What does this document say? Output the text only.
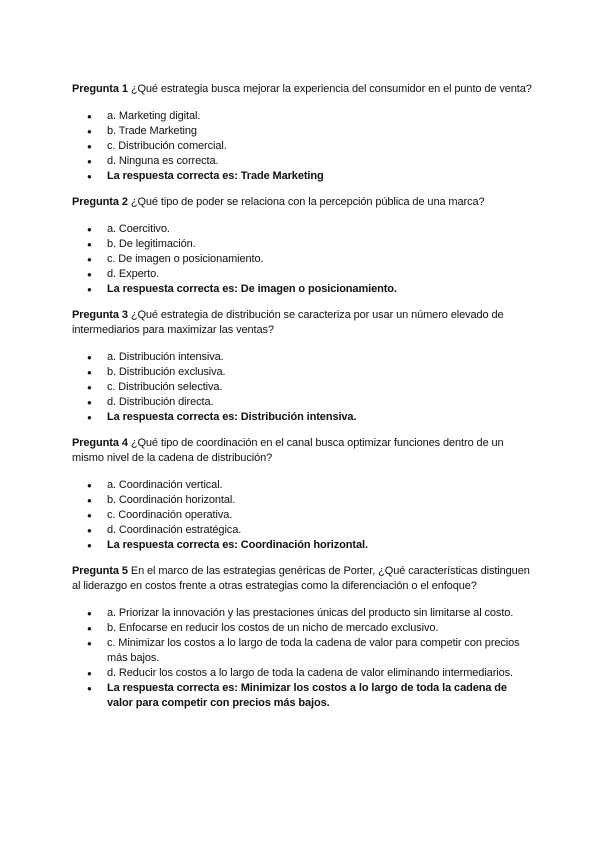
Pregunta 1 ¿Qué estrategia busca mejorar la experiencia del consumidor en el punto de venta?

● a. Marketing digital.
● b. Trade Marketing
● c. Distribución comercial.
● d. Ninguna es correcta.
● La respuesta correcta es: Trade Marketing

Pregunta 2 ¿Qué tipo de poder se relaciona con la percepción pública de una marca?

● a. Coercitivo.
● b. De legitimación.
● c. De imagen o posicionamiento.
● d. Experto.
● La respuesta correcta es: De imagen o posicionamiento.

Pregunta 3 ¿Qué estrategia de distribución se caracteriza por usar un número elevado de intermediarios para maximizar las ventas?

● a. Distribución intensiva.
● b. Distribución exclusiva.
● c. Distribución selectiva.
● d. Distribución directa.
● La respuesta correcta es: Distribución intensiva.

Pregunta 4 ¿Qué tipo de coordinación en el canal busca optimizar funciones dentro de un mismo nivel de la cadena de distribución?

● a. Coordinación vertical.
● b. Coordinación horizontal.
● c. Coordinación operativa.
● d. Coordinación estratégica.
● La respuesta correcta es: Coordinación horizontal.

Pregunta 5 En el marco de las estrategias genéricas de Porter, ¿Qué características distinguen al liderazgo en costos frente a otras estrategias como la diferenciación o el enfoque?

● a. Priorizar la innovación y las prestaciones únicas del producto sin limitarse al costo.
● b. Enfocarse en reducir los costos de un nicho de mercado exclusivo.
● c. Minimizar los costos a lo largo de toda la cadena de valor para competir con precios más bajos.
● d. Reducir los costos a lo largo de toda la cadena de valor eliminando intermediarios.
● La respuesta correcta es: Minimizar los costos a lo largo de toda la cadena de valor para competir con precios más bajos.
